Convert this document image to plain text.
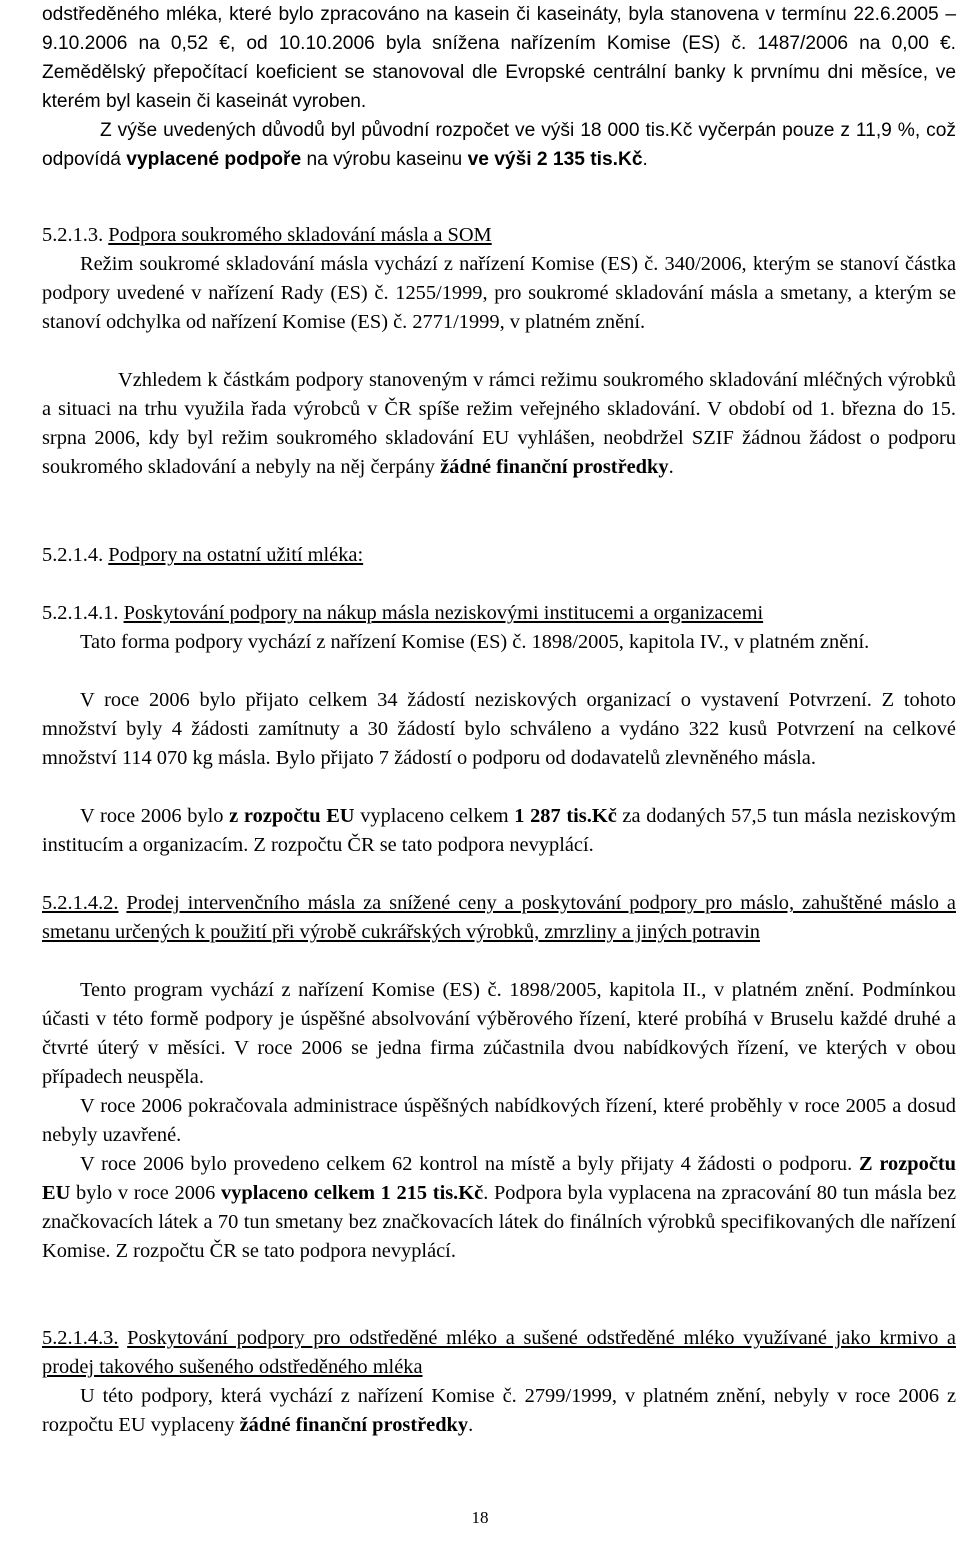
odstředěného mléka, které bylo zpracováno na kasein či kaseináty, byla stanovena v termínu 22.6.2005 – 9.10.2006 na 0,52 €, od 10.10.2006 byla snížena nařízením Komise (ES) č. 1487/2006 na 0,00 €. Zemědělský přepočítací koeficient se stanovoval dle Evropské centrální banky k prvnímu dni měsíce, ve kterém byl kasein či kaseinát vyroben.

Z výše uvedených důvodů byl původní rozpočet ve výši 18 000 tis.Kč vyčerpán pouze z 11,9 %, což odpovídá vyplacené podpoře na výrobu kaseinu ve výši 2 135 tis.Kč.

5.2.1.3. Podpora soukromého skladování másla a SOM

Režim soukromé skladování másla vychází z nařízení Komise (ES) č. 340/2006, kterým se stanoví částka podpory uvedené v nařízení Rady (ES) č. 1255/1999, pro soukromé skladování másla a smetany, a kterým se stanoví odchylka od nařízení Komise (ES) č. 2771/1999, v platném znění.

Vzhledem k částkám podpory stanoveným v rámci režimu soukromého skladování mléčných výrobků a situaci na trhu využila řada výrobců v ČR spíše režim veřejného skladování. V období od 1. března do 15. srpna 2006, kdy byl režim soukromého skladování EU vyhlášen, neobdržel SZIF žádnou žádost o podporu soukromého skladování a nebyly na něj čerpány žádné finanční prostředky.

5.2.1.4. Podpory na ostatní užití mléka:
5.2.1.4.1. Poskytování podpory na nákup másla neziskovými institucemi a organizacemi

Tato forma podpory vychází z nařízení Komise (ES) č. 1898/2005, kapitola IV., v platném znění.

V roce 2006 bylo přijato celkem 34 žádostí neziskových organizací o vystavení Potvrzení. Z tohoto množství byly 4 žádosti zamítnuty a 30 žádostí bylo schváleno a vydáno 322 kusů Potvrzení na celkové množství 114 070 kg másla. Bylo přijato 7 žádostí o podporu od dodavatelů zlevněného másla.

V roce 2006 bylo z rozpočtu EU vyplaceno celkem 1 287 tis.Kč za dodaných 57,5 tun másla neziskovým institucím a organizacím. Z rozpočtu ČR se tato podpora nevyplácí.

5.2.1.4.2. Prodej intervenčního másla za snížené ceny a poskytování podpory pro máslo, zahuštěné máslo a smetanu určených k použití při výrobě cukrářských výrobků, zmrzliny a jiných potravin

Tento program vychází z nařízení Komise (ES) č. 1898/2005, kapitola II., v platném znění. Podmínkou účasti v této formě podpory je úspěšné absolvování výběrového řízení, které probíhá v Bruselu každé druhé a čtvrté úterý v měsíci. V roce 2006 se jedna firma zúčastnila dvou nabídkových řízení, ve kterých v obou případech neuspěla.

V roce 2006 pokračovala administrace úspěšných nabídkových řízení, které proběhly v roce 2005 a dosud nebyly uzavřené.

V roce 2006 bylo provedeno celkem 62 kontrol na místě a byly přijaty 4 žádosti o podporu. Z rozpočtu EU bylo v roce 2006 vyplaceno celkem 1 215 tis.Kč. Podpora byla vyplacena na zpracování 80 tun másla bez značkovacích látek a 70 tun smetany bez značkovacích látek do finálních výrobků specifikovaných dle nařízení Komise. Z rozpočtu ČR se tato podpora nevyplácí.

5.2.1.4.3. Poskytování podpory pro odstředěné mléko a sušené odstředěné mléko využívané jako krmivo a prodej takového sušeného odstředěného mléka

U této podpory, která vychází z nařízení Komise č. 2799/1999, v platném znění, nebyly v roce 2006 z rozpočtu EU vyplaceny žádné finanční prostředky.

18
